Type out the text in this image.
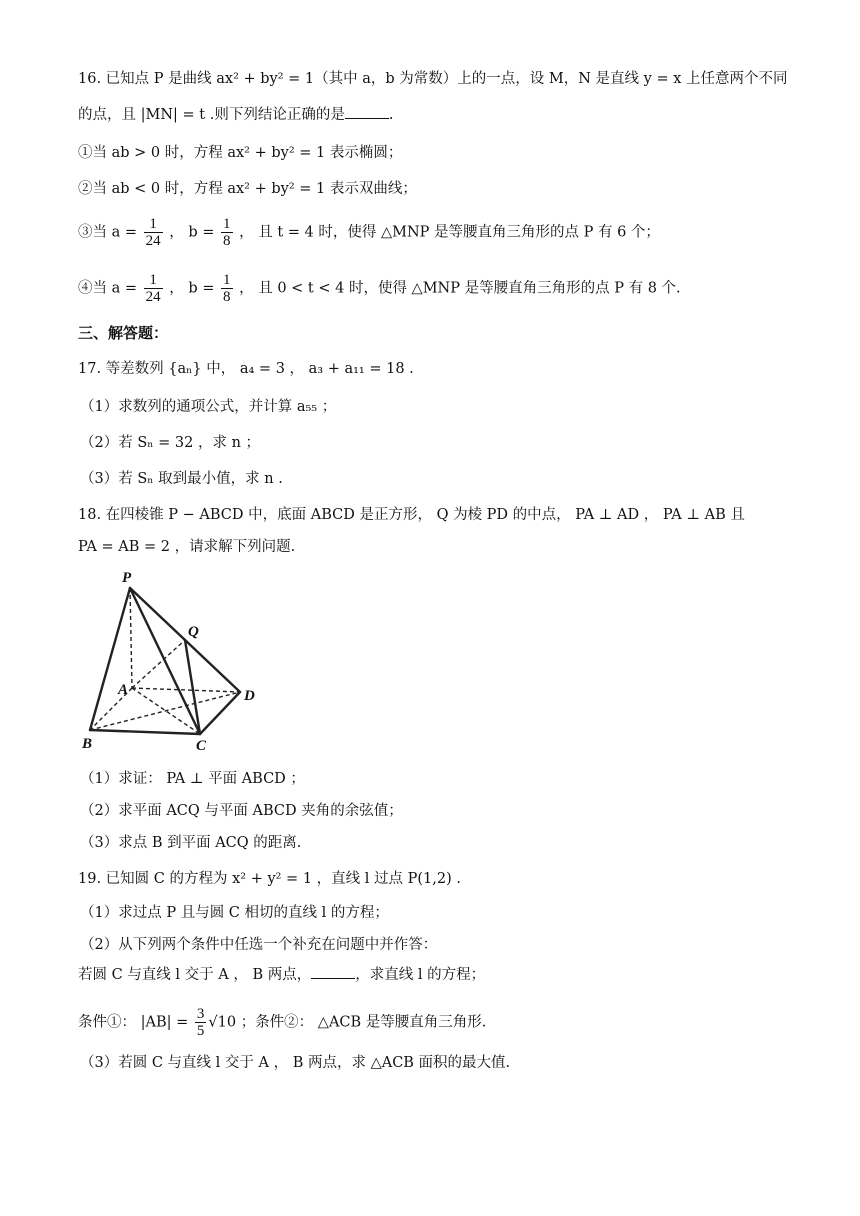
16. 已知点 P 是曲线 ax² + by² = 1（其中 a，b 为常数）上的一点，设 M，N 是直线 y = x 上任意两个不同
的点，且 |MN| = t .则下列结论正确的是	.
①当 ab > 0 时，方程 ax² + by² = 1 表示椭圆；
②当 ab < 0 时，方程 ax² + by² = 1 表示双曲线；
③当 $a = \frac{1}{24}$ ， $b = \frac{1}{8}$ ， 且 t = 4 时，使得 △MNP 是等腰直角三角形的点 P 有 6 个；
④当 $a = \frac{1}{24}$ ， $b = \frac{1}{8}$ ， 且 0 < t < 4 时，使得 △MNP 是等腰直角三角形的点 P 有 8 个.
三、解答题：
17. 等差数列 {aₙ} 中， a₄ = 3 ， a₃ + a₁₁ = 18 .
（1）求数列的通项公式，并计算 a₅₅ ；
（2）若 Sₙ = 32 ，求 n ；
（3）若 Sₙ 取到最小值，求 n .
18. 在四棱锥 P − ABCD 中，底面 ABCD 是正方形， Q 为棱 PD 的中点， PA ⊥ AD ， PA ⊥ AB 且
PA = AB = 2 ，请求解下列问题.
P
Q
A
B	C
D
（1）求证： PA ⊥ 平面 ABCD ；
（2）求平面 ACQ 与平面 ABCD 夹角的余弦值；
（3）求点 B 到平面 ACQ 的距离.
19. 已知圆 C 的方程为 x² + y² = 1 ，直线 l 过点 P(1,2) .
（1）求过点 P 且与圆 C 相切的直线 l 的方程；
（2）从下列两个条件中任选一个补充在问题中并作答：
若圆 C 与直线 l 交于 A ， B 两点，	，求直线 l 的方程；
条件①： $|AB| = \frac{3}{5} √10$ ；条件②： △ACB 是等腰直角三角形.
（3）若圆 C 与直线 l 交于 A ， B 两点，求 △ACB 面积的最大值.
